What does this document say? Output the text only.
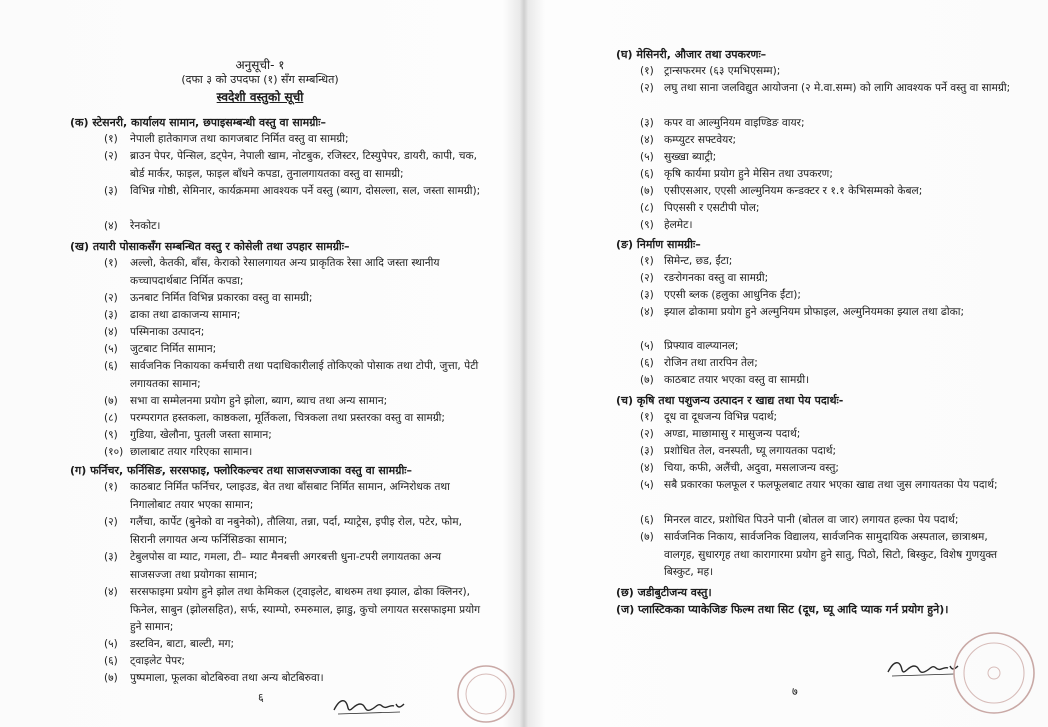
अनुसूची- १

(दफा ३ को उपदफा (१) सँग सम्बन्धित)

स्वदेशी वस्तुको सूची

(क) स्टेसनरी, कार्यालय सामान, छपाइसम्बन्धी वस्तु वा सामग्रीः–

(१)	नेपाली हातेकागज तथा कागजबाट निर्मित वस्तु वा सामग्री;
(२)	ब्राउन पेपर, पेन्सिल, डट्पेन, नेपाली खाम, नोटबुक, रजिस्टर, टिस्युपेपर, डायरी, कापी, चक, बोर्ड मार्कर, फाइल, फाइल बाँधने कपडा, तुनालगायतका वस्तु वा सामग्री;
(३)	विभिन्न गोष्ठी, सेमिनार, कार्यक्रममा आवश्यक पर्ने वस्तु (ब्याग, दोसल्ला, सल, जस्ता सामग्री);
(४)	रेनकोट।

(ख) तयारी पोसाकसँग सम्बन्धित वस्तु र कोसेली तथा उपहार सामग्रीः–

(१)	अल्लो, केतकी, बाँस, केराको रेसालगायत अन्य प्राकृतिक रेसा आदि जस्ता स्थानीय कच्चापदार्थबाट निर्मित कपडा;
(२)	ऊनबाट निर्मित विभिन्न प्रकारका वस्तु वा सामग्री;
(३)	ढाका तथा ढाकाजन्य सामान;
(४)	पस्मिनाका उत्पादन;
(५)	जुटबाट निर्मित सामान;
(६)	सार्वजनिक निकायका कर्मचारी तथा पदाधिकारीलाई तोकिएको पोसाक तथा टोपी, जुत्ता, पेटी लगायतका सामान;
(७)	सभा वा सम्मेलनमा प्रयोग हुने झोला, ब्याग, ब्याच तथा अन्य सामान;
(८)	परम्परागत हस्तकला, काष्ठकला, मूर्तिकला, चित्रकला तथा प्रस्तरका वस्तु वा सामग्री;
(९)	गुडिया, खेलौना, पुतली जस्ता सामान;
(१०) छालाबाट तयार गरिएका सामान।

(ग) फर्निचर, फर्निसिङ, सरसफाइ, फ्लोरिकल्चर तथा साजसज्जाका वस्तु वा सामग्रीः–

(१)	काठबाट निर्मित फर्निचर, प्लाइउड, बेत तथा बाँसबाट निर्मित सामान, अग्निरोधक तथा निगालोबाट तयार भएका सामान;
(२)	गलैंचा, कार्पेट (बुनेको वा नबुनेको), तौलिया, तन्ना, पर्दा, म्याट्रेस, इपीइ रोल, पटेर, फोम, सिरानी लगायत अन्य फर्निसिङका सामान;
(३)	टेबुलपोस वा म्याट, गमला, टी– म्याट मैनबत्ती अगरबत्ती धुना-टपरी लगायतका अन्य साजसज्जा तथा प्रयोगका सामान;
(४)	सरसफाइमा प्रयोग हुने झोल तथा केमिकल (ट्वाइलेट, बाथरुम तथा झ्याल, ढोका क्लिनर), फिनेल, साबुन (झोलसहित), सर्फ, स्याम्पो, रुमरुमाल, झाडु, कुचो लगायत सरसफाइमा प्रयोग हुने सामान;
(५)	डस्टविन, बाटा, बाल्टी, मग;
(६)	ट्वाइलेट पेपर;
(७)	पुष्पमाला, फूलका बोटबिरुवा तथा अन्य बोटबिरुवा।
६

(घ) मेसिनरी, औजार तथा उपकरणः–

(१) ट्रान्सफरमर (६३ एमभिएसम्म);
(२) लघु तथा साना जलविद्युत आयोजना (२ मे.वा.सम्म) को लागि आवश्यक पर्ने वस्तु वा सामग्री;
(३) कपर वा आल्मुनियम वाइण्डिङ वायर;
(४) कम्प्युटर सफ्टवेयर;
(५) सुख्खा ब्याट्री;
(६) कृषि कार्यमा प्रयोग हुने मेसिन तथा उपकरण;
(७) एसीएसआर, एएसी आल्मुनियम कन्डक्टर र १.१ केभिसम्मको केबल;
(८) पिएससी र एसटीपी पोल;
(९) हेलमेट।

(ङ) निर्माण सामग्रीः–

(१) सिमेन्ट, छड, ईंटा;
(२) रङरोगनका वस्तु वा सामग्री;
(३) एएसी ब्लक (हलुका आधुनिक ईंटा);
(४) झ्याल ढोकामा प्रयोग हुने अल्मुनियम प्रोफाइल, अल्मुनियमका झ्याल तथा ढोका;
(५) प्रिफ्याव वाल्प्यानल;
(६) रोजिन तथा तारपिन तेल;
(७) काठबाट तयार भएका वस्तु वा सामग्री।

(च) कृषि तथा पशुजन्य उत्पादन र खाद्य तथा पेय पदार्थः-

(१) दूध वा दूधजन्य विभिन्न पदार्थ;
(२) अण्डा, माछामासु र मासुजन्य पदार्थ;
(३) प्रशोधित तेल, वनस्पती, घ्यू लगायतका पदार्थ;
(४) चिया, कफी, अलैंची, अदुवा, मसलाजन्य वस्तु;
(५) सबै प्रकारका फलफूल र फलफूलबाट तयार भएका खाद्य तथा जुस लगायतका पेय पदार्थ;
(६) मिनरल वाटर, प्रशोधित पिउने पानी (बोतल वा जार) लगायत हल्का पेय पदार्थ;
(७) सार्वजनिक निकाय, सार्वजनिक विद्यालय, सार्वजनिक सामुदायिक अस्पताल, छात्राश्रम, वालगृह, सुधारगृह तथा कारागारमा प्रयोग हुने सातु, पिठो, सिटो, बिस्कुट, विशेष गुणयुक्त बिस्कुट, मह।

(छ) जडीबुटीजन्य वस्तु।

(ज) प्लास्टिकका प्याकेजिङ फिल्म तथा सिट (दूध, घ्यू आदि प्याक गर्न प्रयोग हुने)।

७
